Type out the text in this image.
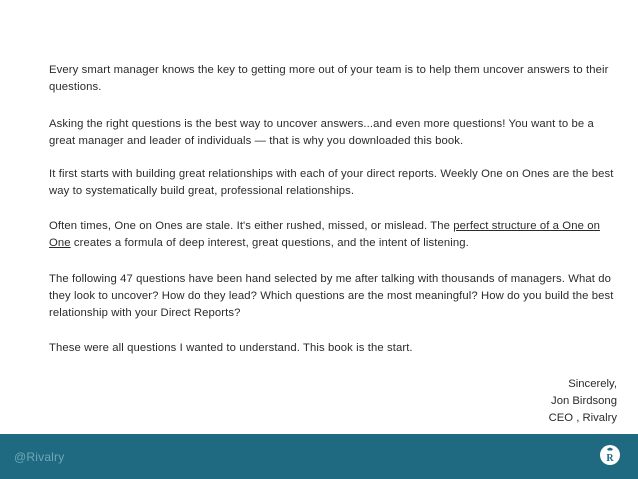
Every smart manager knows the key to getting more out of your team is to help them uncover answers to their questions.

Asking the right questions is the best way to uncover answers...and even more questions! You want to be a great manager and leader of individuals — that is why you downloaded this book.

It first starts with building great relationships with each of your direct reports. Weekly One on Ones are the best way to systematically build great, professional relationships.

Often times, One on Ones are stale. It's either rushed, missed, or mislead. The perfect structure of a One on One creates a formula of deep interest, great questions, and the intent of listening.

The following 47 questions have been hand selected by me after talking with thousands of managers. What do they look to uncover? How do they lead? Which questions are the most meaningful? How do you build the best relationship with your Direct Reports?

These were all questions I wanted to understand. This book is the start.

Sincerely,
Jon Birdsong
CEO , Rivalry
@Rivalry	R
